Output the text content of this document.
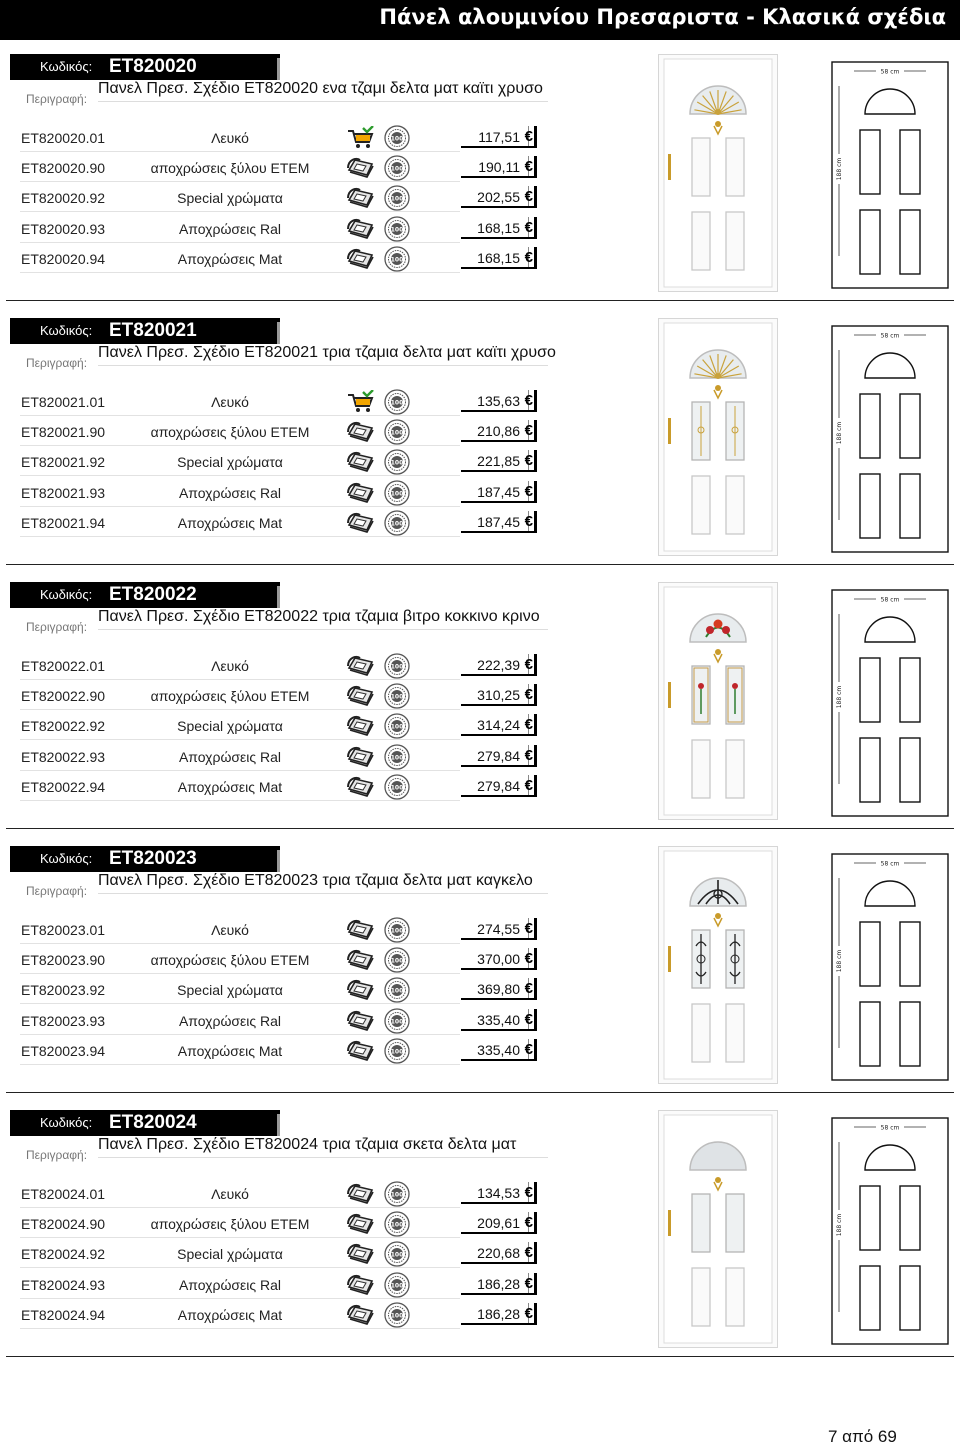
Πάνελ αλουμινίου Πρεσαριστα - Κλασικά σχέδια
Κωδικός: ET820020
Περιγραφή:
Πανελ Πρεσ. Σχέδιο ΕΤ820020 ενα τζαμι δελτα ματ καϊτι χρυσο
ET820020.01	Λευκό	100	117,51 €
ET820020.90	αποχρώσεις ξύλου ΕΤΕΜ	100	190,11 €
ET820020.92	Special χρώματα	100	202,55 €
ET820020.93	Αποχρώσεις Ral	100	168,15 €
ET820020.94	Αποχρώσεις Mat	100	168,15 €
58 cm
188 cm
Κωδικός: ET820021
Περιγραφή:
Πανελ Πρεσ. Σχέδιο ΕΤ820021 τρια τζαμια δελτα ματ καϊτι χρυσο
ET820021.01	Λευκό	100	135,63 €
ET820021.90	αποχρώσεις ξύλου ΕΤΕΜ	100	210,86 €
ET820021.92	Special χρώματα	100	221,85 €
ET820021.93	Αποχρώσεις Ral	100	187,45 €
ET820021.94	Αποχρώσεις Mat	100	187,45 €
58 cm
188 cm
Κωδικός: ET820022
Περιγραφή:
Πανελ Πρεσ. Σχέδιο ΕΤ820022 τρια τζαμια βιτρο κοκκινο κρινο
ET820022.01	Λευκό	100	222,39 €
ET820022.90	αποχρώσεις ξύλου ΕΤΕΜ	100	310,25 €
ET820022.92	Special χρώματα	100	314,24 €
ET820022.93	Αποχρώσεις Ral	100	279,84 €
ET820022.94	Αποχρώσεις Mat	100	279,84 €
58 cm
188 cm
Κωδικός: ET820023
Περιγραφή:
Πανελ Πρεσ. Σχέδιο ΕΤ820023 τρια τζαμια δελτα ματ καγκελο
ET820023.01	Λευκό	100	274,55 €
ET820023.90	αποχρώσεις ξύλου ΕΤΕΜ	100	370,00 €
ET820023.92	Special χρώματα	100	369,80 €
ET820023.93	Αποχρώσεις Ral	100	335,40 €
ET820023.94	Αποχρώσεις Mat	100	335,40 €
58 cm
188 cm
Κωδικός: ET820024
Περιγραφή:
Πανελ Πρεσ. Σχέδιο ΕΤ820024 τρια τζαμια σκετα δελτα ματ
ET820024.01	Λευκό	100	134,53 €
ET820024.90	αποχρώσεις ξύλου ΕΤΕΜ	100	209,61 €
ET820024.92	Special χρώματα	100	220,68 €
ET820024.93	Αποχρώσεις Ral	100	186,28 €
ET820024.94	Αποχρώσεις Mat	100	186,28 €
58 cm
188 cm
7 από 69
